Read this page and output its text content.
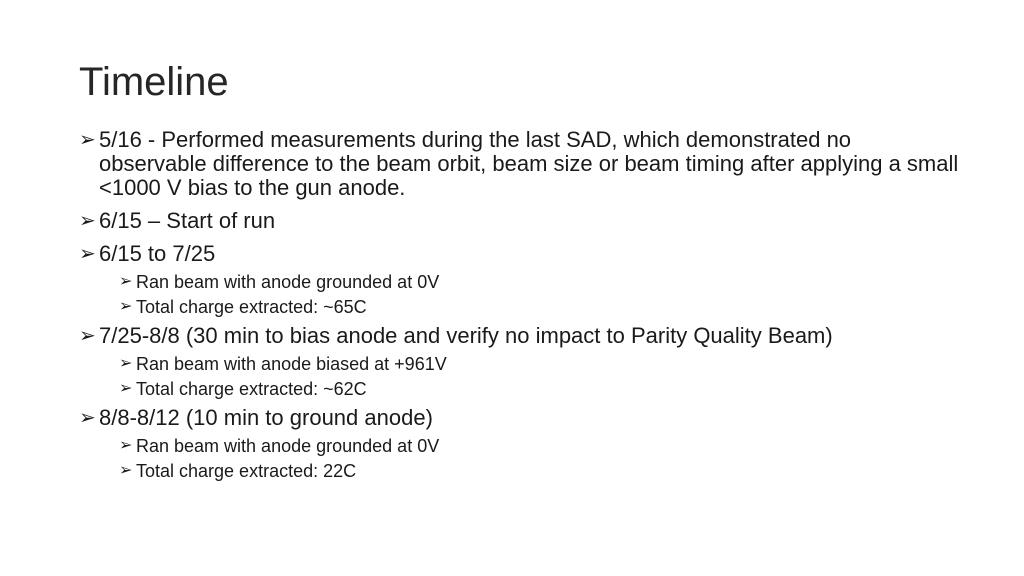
Timeline
➢ 5/16 - Performed measurements during the last SAD, which demonstrated no observable difference to the beam orbit, beam size or beam timing after applying a small <1000 V bias to the gun anode.
➢ 6/15 – Start of run
➢ 6/15 to 7/25
➢ Ran beam with anode grounded at 0V
➢ Total charge extracted: ~65C
➢ 7/25-8/8 (30 min to bias anode and verify no impact to Parity Quality Beam)
➢ Ran beam with anode biased at +961V
➢ Total charge extracted: ~62C
➢ 8/8-8/12 (10 min to ground anode)
➢ Ran beam with anode grounded at 0V
➢ Total charge extracted: 22C
